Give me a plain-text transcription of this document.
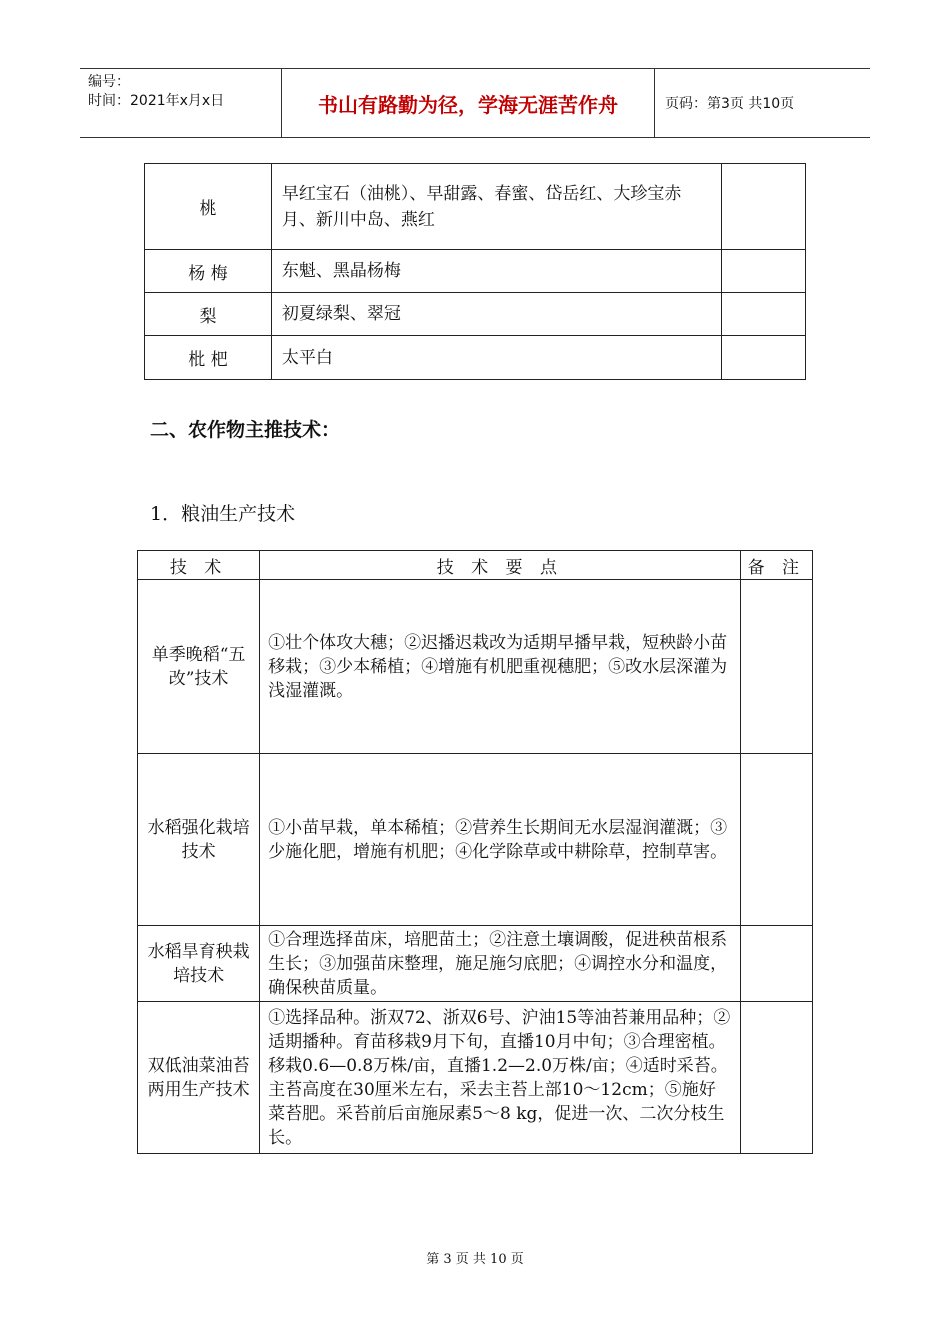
编号：
时间：2021年x月x日	书山有路勤为径，学海无涯苦作舟	页码：第3页 共10页
桃	早红宝石（油桃）、早甜露、春蜜、岱岳红、大珍宝赤月、新川中岛、燕红	
杨 梅	东魁、黑晶杨梅	
梨	初夏绿梨、翠冠	
枇 杷	太平白	
二、农作物主推技术：
1．粮油生产技术
技 术	技 术 要 点	备 注
单季晚稻“五改”技术	①壮个体攻大穗；②迟播迟栽改为适期早播早栽，短秧龄小苗移栽；③少本稀植；④增施有机肥重视穗肥；⑤改水层深灌为浅湿灌溉。	
水稻强化栽培技术	①小苗早栽，单本稀植；②营养生长期间无水层湿润灌溉；③少施化肥，增施有机肥；④化学除草或中耕除草，控制草害。	
水稻旱育秧栽培技术	①合理选择苗床，培肥苗土；②注意土壤调酸，促进秧苗根系生长；③加强苗床整理，施足施匀底肥；④调控水分和温度，确保秧苗质量。	
双低油菜油苔两用生产技术	①选择品种。浙双72、浙双6号、沪油15等油苔兼用品种；②适期播种。育苗移栽9月下旬，直播10月中旬；③合理密植。移栽0.6—0.8万株/亩，直播1.2—2.0万株/亩；④适时采苔。主苔高度在30厘米左右，采去主苔上部10～12cm；⑤施好菜苔肥。采苔前后亩施尿素5～8 kg，促进一次、二次分枝生长。	
第 3 页 共 10 页
